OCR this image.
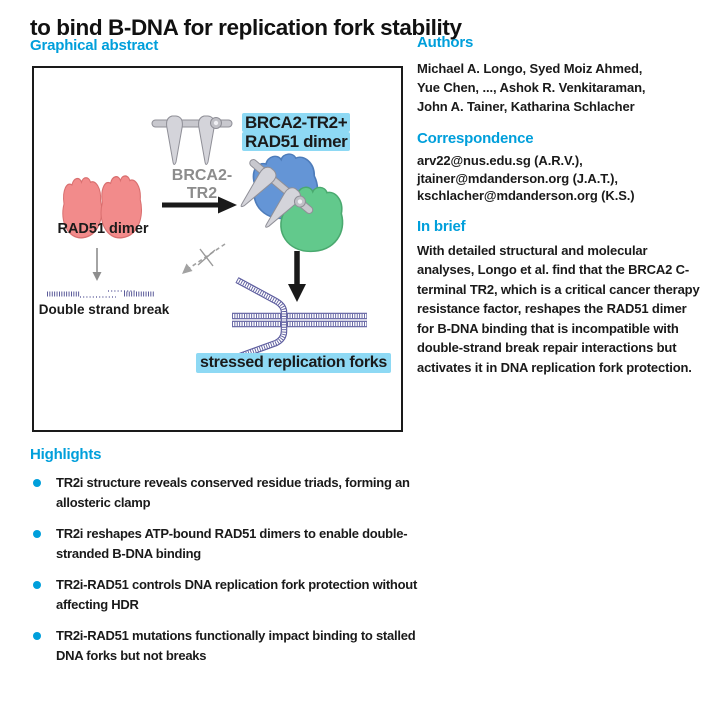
to bind B-DNA for replication fork stability
Graphical abstract
BRCA2-TR2+
RAD51 dimer
BRCA2-
TR2
RAD51 dimer
Double strand break
stressed replication forks
Authors
Michael A. Longo, Syed Moiz Ahmed,
Yue Chen, ..., Ashok R. Venkitaraman,
John A. Tainer, Katharina Schlacher
Correspondence
arv22@nus.edu.sg (A.R.V.),
jtainer@mdanderson.org (J.A.T.),
kschlacher@mdanderson.org (K.S.)
In brief
With detailed structural and molecular analyses, Longo et al. find that the BRCA2 C-terminal TR2, which is a critical cancer therapy resistance factor, reshapes the RAD51 dimer for B-DNA binding that is incompatible with double-strand break repair interactions but activates it in DNA replication fork protection.
Highlights
TR2i structure reveals conserved residue triads, forming an allosteric clamp
TR2i reshapes ATP-bound RAD51 dimers to enable double-stranded B-DNA binding
TR2i-RAD51 controls DNA replication fork protection without affecting HDR
TR2i-RAD51 mutations functionally impact binding to stalled DNA forks but not breaks
